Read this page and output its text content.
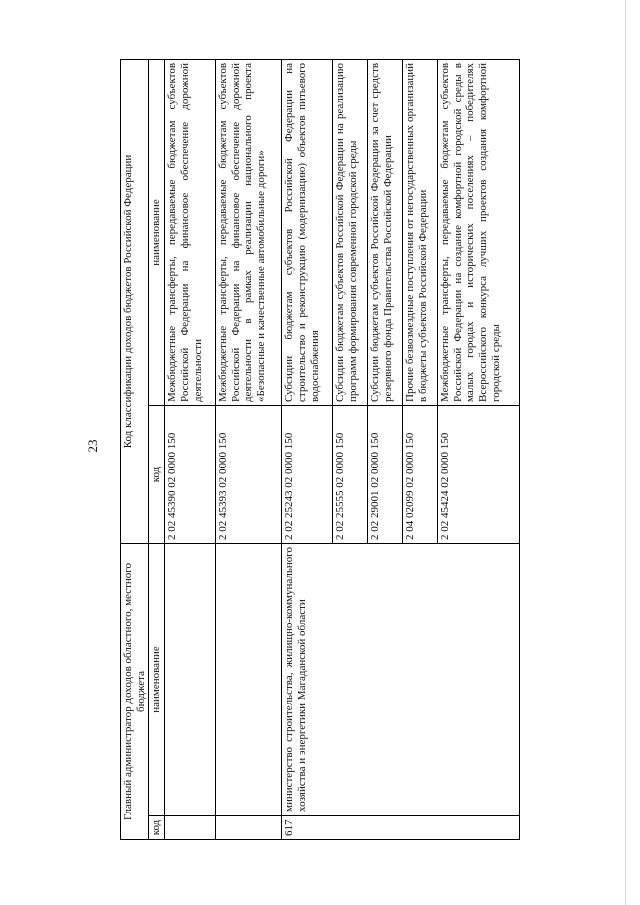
23
Главный администратор доходов областного, местного бюджета		Код классификации доходов бюджетов Российской Федерации	
код	наименование	код	наименование
		2 02 45390 02 0000 150	Межбюджетные трансферты, передаваемые бюджетам субъектов Российской Федерации на финансовое обеспечение дорожной деятельности
		2 02 45393 02 0000 150	Межбюджетные трансферты, передаваемые бюджетам субъектов Российской Федерации на финансовое обеспечение дорожной деятельности в рамках реализации национального проекта «Безопасные и качественные автомобильные дороги»
617	министерство строительства, жилищно-коммунального хозяйства и энергетики Магаданской области	2 02 25243 02 0000 150	Субсидии бюджетам субъектов Российской Федерации на строительство и реконструкцию (модернизацию) объектов питьевого водоснабжения
		2 02 25555 02 0000 150	Субсидии бюджетам субъектов Российской Федерации на реализацию программ формирования современной городской среды
		2 02 29001 02 0000 150	Субсидии бюджетам субъектов Российской Федерации за счет средств резервного фонда Правительства Российской Федерации
		2 04 02099 02 0000 150	Прочие безвозмездные поступления от негосударственных организаций в бюджеты субъектов Российской Федерации
		2 02 45424 02 0000 150	Межбюджетные трансферты, передаваемые бюджетам субъектов Российской Федерации на создание комфортной городской среды в малых городах и исторических поселениях – победителях Всероссийского конкурса лучших проектов создания комфортной городской среды
